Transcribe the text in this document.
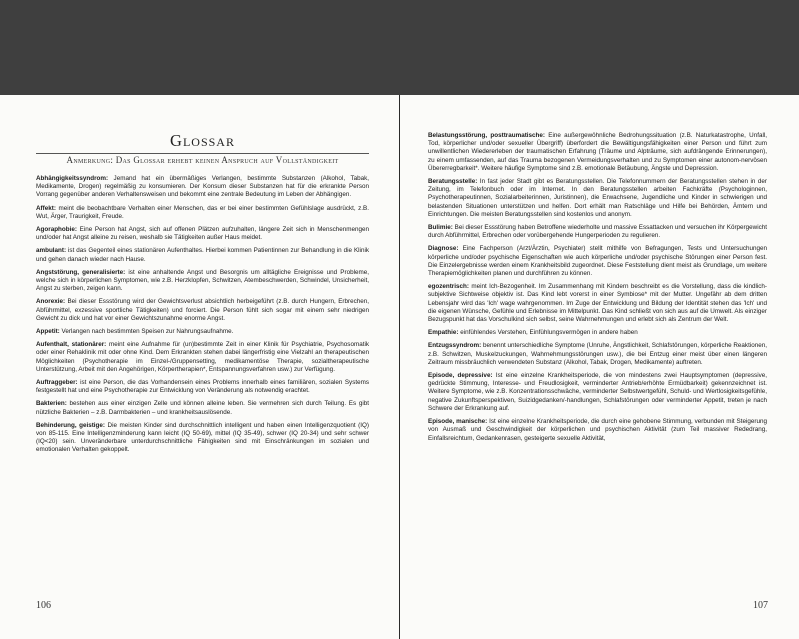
Glossar
Anmerkung: Das Glossar erhebt keinen Anspruch auf Vollständigkeit

Abhängigkeitssyndrom: Jemand hat ein übermäßiges Verlangen, bestimmte Substanzen (Alkohol, Tabak, Medikamente, Drogen) regelmäßig zu konsumieren. Der Konsum dieser Substanzen hat für die erkrankte Person Vorrang gegenüber anderen Verhaltensweisen und bekommt eine zentrale Bedeutung im Leben der Abhängigen.

Affekt: meint die beobachtbare Verhalten einer Menschen, das er bei einer bestimmten Gefühlslage ausdrückt, z.B. Wut, Ärger, Traurigkeit, Freude.

Agoraphobie: Eine Person hat Angst, sich auf offenen Plätzen aufzuhalten, längere Zeit sich in Menschenmengen und/oder hat Angst alleine zu reisen, weshalb sie Tätigkeiten außer Haus meidet.

ambulant: ist das Gegenteil eines stationären Aufenthaltes. Hierbei kommen Patientinnen zur Behandlung in die Klinik und gehen danach wieder nach Hause.

Angststörung, generalisierte: ist eine anhaltende Angst und Besorgnis um alltägliche Ereignisse und Probleme, welche sich in körperlichen Symptomen, wie z.B. Herzklopfen, Schwitzen, Atembeschwerden, Schwindel, Unsicherheit, Angst zu sterben, zeigen kann.

Anorexie: Bei dieser Essstörung wird der Gewichtsverlust absichtlich herbeigeführt (z.B. durch Hungern, Erbrechen, Abführmittel, exzessive sportliche Tätigkeiten) und forciert. Die Person fühlt sich sogar mit einem sehr niedrigen Gewicht zu dick und hat vor einer Gewichtszunahme enorme Angst.

Appetit: Verlangen nach bestimmten Speisen zur Nahrungsaufnahme.

Aufenthalt, stationärer: meint eine Aufnahme für (un)bestimmte Zeit in einer Klinik für Psychiatrie, Psychosomatik oder einer Rehaklinik mit oder ohne Kind. Dem Erkrankten stehen dabei längerfristig eine Vielzahl an therapeutischen Möglichkeiten (Psychotherapie im Einzel-/Gruppensetting, medikamentöse Therapie, sozialtherapeutische Unterstützung, Arbeit mit den Angehörigen, Körpertherapien*, Entspannungsverfahren usw.) zur Verfügung.

Auftraggeber: ist eine Person, die das Vorhandensein eines Problems innerhalb eines familiären, sozialen Systems festgestellt hat und eine Psychotherapie zur Entwicklung von Veränderung als notwendig erachtet.

Bakterien: bestehen aus einer einzigen Zelle und können alleine leben. Sie vermehren sich durch Teilung. Es gibt nützliche Bakterien – z.B. Darmbakterien – und krankheitsauslösende.

Behinderung, geistige: Die meisten Kinder sind durchschnittlich intelligent und haben einen Intelligenzquotient (IQ) von 85-115. Eine Intelligenzminderung kann leicht (IQ 50-69), mittel (IQ 35-49), schwer (IQ 20-34) und sehr schwer (IQ<20) sein. Unveränderbare unterdurchschnittliche Fähigkeiten sind mit Einschränkungen im sozialen und emotionalen Verhalten gekoppelt.

106

Belastungsstörung, posttraumatische: Eine außergewöhnliche Bedrohungssituation (z.B. Naturkatastrophe, Unfall, Tod, körperlicher und/oder sexueller Übergriff) überfordert die Bewältigungsfähigkeiten einer Person und führt zum unwillentlichen Wiedererleben der traumatischen Erfahrung (Träume und Alpträume, sich aufdrängende Erinnerungen), zu einem umfassenden, auf das Trauma bezogenen Vermeidungsverhalten und zu Symptomen einer autonom-nervösen Übererregbarkeit*. Weitere häufige Symptome sind z.B. emotionale Betäubung, Ängste und Depression.

Beratungsstelle: In fast jeder Stadt gibt es Beratungsstellen. Die Telefonnummern der Beratungsstellen stehen in der Zeitung, im Telefonbuch oder im Internet. In den Beratungsstellen arbeiten Fachkräfte (Psychologinnen, Psychotherapeutinnen, Sozialarbeiterinnen, Juristinnen), die Erwachsene, Jugendliche und Kinder in schwierigen und belastenden Situationen unterstützen und helfen. Dort erhält man Ratschläge und Hilfe bei Behörden, Ämtern und Einrichtungen. Die meisten Beratungsstellen sind kostenlos und anonym.

Bulimie: Bei dieser Essstörung haben Betroffene wiederholte und massive Essattacken und versuchen ihr Körpergewicht durch Abführmittel, Erbrechen oder vorübergehende Hungerperioden zu regulieren.

Diagnose: Eine Fachperson (Arzt/Ärztin, Psychiater) stellt mithilfe von Befragungen, Tests und Untersuchungen körperliche und/oder psychische Eigenschaften wie auch körperliche und/oder psychische Störungen einer Person fest. Die Einzelergebnisse werden einem Krankheitsbild zugeordnet. Diese Feststellung dient meist als Grundlage, um weitere Therapiemöglichkeiten planen und durchführen zu können.

egozentrisch: meint Ich-Bezogenheit. Im Zusammenhang mit Kindern beschreibt es die Vorstellung, dass die kindlich-subjektive Sichtweise objektiv ist. Das Kind lebt vorerst in einer Symbiose* mit der Mutter. Ungefähr ab dem dritten Lebensjahr wird das 'Ich' wage wahrgenommen. Im Zuge der Entwicklung und Bildung der Identität stehen das 'Ich' und die eigenen Wünsche, Gefühle und Erlebnisse im Mittelpunkt. Das Kind schließt von sich aus auf die Umwelt. Als einziger Bezugspunkt hat das Vorschulkind sich selbst, seine Wahrnehmungen und erlebt sich als Zentrum der Welt.

Empathie: einfühlendes Verstehen, Einfühlungsvermögen in andere haben

Entzugssyndrom: benennt unterschiedliche Symptome (Unruhe, Ängstlichkeit, Schlafstörungen, körperliche Reaktionen, z.B. Schwitzen, Muskelzuckungen, Wahrnehmungsstörungen usw.), die bei Entzug einer meist über einen längeren Zeitraum missbräuchlich verwendeten Substanz (Alkohol, Tabak, Drogen, Medikamente) auftreten.

Episode, depressive: Ist eine einzelne Krankheitsperiode, die von mindestens zwei Hauptsymptomen (depressive, gedrückte Stimmung, Interesse- und Freudlosigkeit, verminderter Antrieb/erhöhte Ermüdbarkeit) gekennzeichnet ist. Weitere Symptome, wie z.B. Konzentrationsschwäche, verminderter Selbstwertgefühl, Schuld- und Wertlosigkeitsgefühle, negative Zukunftsperspektiven, Suizidgedanken/-handlungen, Schlafstörungen oder verminderter Appetit, treten je nach Schwere der Erkrankung auf.

Episode, manische: Ist eine einzelne Krankheitsperiode, die durch eine gehobene Stimmung, verbunden mit Steigerung von Ausmaß und Geschwindigkeit der körperlichen und psychischen Aktivität (zum Teil massiver Rededrang, Einfallsreichtum, Gedankenrasen, gesteigerte sexuelle Aktivität,

107
